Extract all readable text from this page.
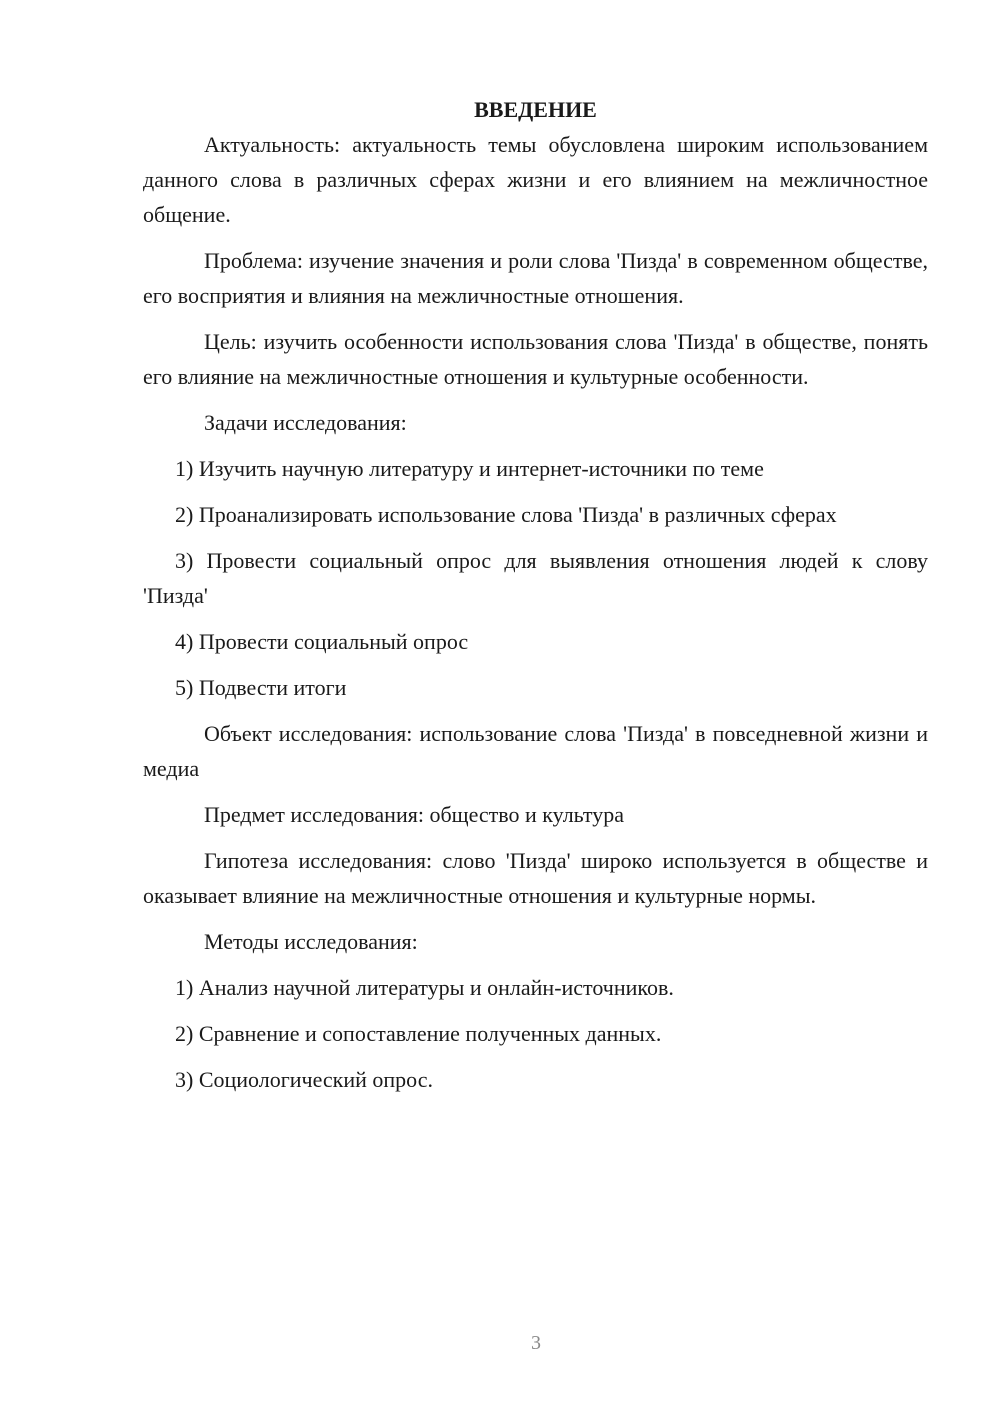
ВВЕДЕНИЕ

Актуальность: актуальность темы обусловлена широким использованием данного слова в различных сферах жизни и его влиянием на межличностное общение.

Проблема: изучение значения и роли слова 'Пизда' в современном обществе, его восприятия и влияния на межличностные отношения.

Цель: изучить особенности использования слова 'Пизда' в обществе, понять его влияние на межличностные отношения и культурные особенности.

Задачи исследования:

1) Изучить научную литературу и интернет-источники по теме

2) Проанализировать использование слова 'Пизда' в различных сферах

3) Провести социальный опрос для выявления отношения людей к слову 'Пизда'

4) Провести социальный опрос

5) Подвести итоги

Объект исследования: использование слова 'Пизда' в повседневной жизни и медиа

Предмет исследования: общество и культура

Гипотеза исследования: слово 'Пизда' широко используется в обществе и оказывает влияние на межличностные отношения и культурные нормы.

Методы исследования:

1) Анализ научной литературы и онлайн-источников.

2) Сравнение и сопоставление полученных данных.

3) Социологический опрос.

3
